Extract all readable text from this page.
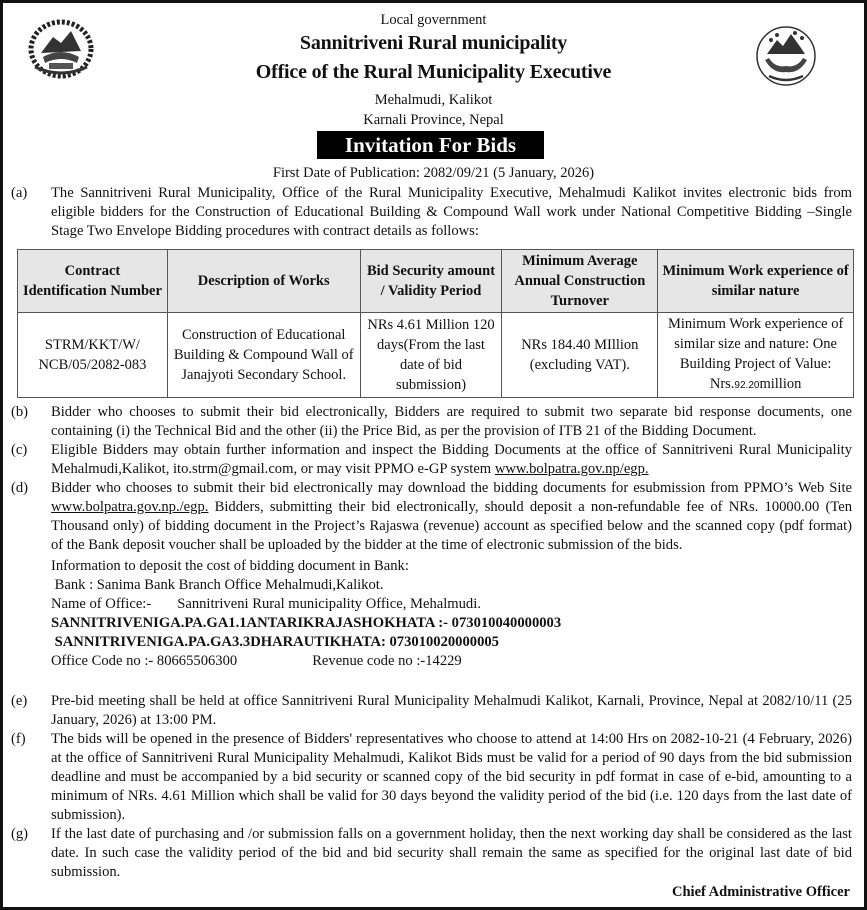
Local government
Sannitriveni Rural municipality
Office of the Rural Municipality Executive
Mehalmudi, Kalikot
Karnali Province, Nepal
Invitation For Bids
First Date of Publication: 2082/09/21 (5 January, 2026)
(a)	The Sannitriveni Rural Municipality, Office of the Rural Municipality Executive, Mehalmudi Kalikot invites electronic bids from eligible bidders for the Construction of Educational Building & Compound Wall work under National Competitive Bidding –Single Stage Two Envelope Bidding procedures with contract details as follows:
Contract Identification Number	Description of Works	Bid Security amount / Validity Period	Minimum Average Annual Construction Turnover	Minimum Work experience of similar nature
STRM/KKT/W/ NCB/05/2082-083	Construction of Educational Building & Compound Wall of Janajyoti Secondary School.	NRs 4.61 Million 120 days(From the last date of bid submission)	NRs 184.40 MIllion (excluding VAT).	Minimum Work experience of similar size and nature: One Building Project of Value: Nrs.92.20million
(b)	Bidder who chooses to submit their bid electronically, Bidders are required to submit two separate bid response documents, one containing (i) the Technical Bid and the other (ii) the Price Bid, as per the provision of ITB 21 of the Bidding Document.
(c)	Eligible Bidders may obtain further information and inspect the Bidding Documents at the office of Sannitriveni Rural Municipality Mehalmudi,Kalikot, ito.strm@gmail.com, or may visit PPMO e-GP system www.bolpatra.gov.np/egp.
(d)	Bidder who chooses to submit their bid electronically may download the bidding documents for esubmission from PPMO’s Web Site www.bolpatra.gov.np./egp. Bidders, submitting their bid electronically, should deposit a non-refundable fee of NRs. 10000.00 (Ten Thousand only) of bidding document in the Project’s Rajaswa (revenue) account as specified below and the scanned copy (pdf format) of the Bank deposit voucher shall be uploaded by the bidder at the time of electronic submission of the bids.
Information to deposit the cost of bidding document in Bank:
Bank : Sanima Bank Branch Office Mehalmudi,Kalikot.
Name of Office:- Sannitriveni Rural municipality Office, Mehalmudi.
SANNITRIVENIGA.PA.GA1.1ANTARIKRAJASHOKHATA :- 073010040000003
SANNITRIVENIGA.PA.GA3.3DHARAUTIKHATA: 073010020000005
Office Code no :- 80665506300	Revenue code no :-14229
(e)	Pre-bid meeting shall be held at office Sannitriveni Rural Municipality Mehalmudi Kalikot, Karnali, Province, Nepal at 2082/10/11 (25 January, 2026) at 13:00 PM.
(f)	The bids will be opened in the presence of Bidders' representatives who choose to attend at 14:00 Hrs on 2082-10-21 (4 February, 2026) at the office of Sannitriveni Rural Municipality Mehalmudi, Kalikot Bids must be valid for a period of 90 days from the bid submission deadline and must be accompanied by a bid security or scanned copy of the bid security in pdf format in case of e-bid, amounting to a minimum of NRs. 4.61 Million which shall be valid for 30 days beyond the validity period of the bid (i.e. 120 days from the last date of submission).
(g)	If the last date of purchasing and /or submission falls on a government holiday, then the next working day shall be considered as the last date. In such case the validity period of the bid and bid security shall remain the same as specified for the original last date of bid submission.
Chief Administrative Officer
